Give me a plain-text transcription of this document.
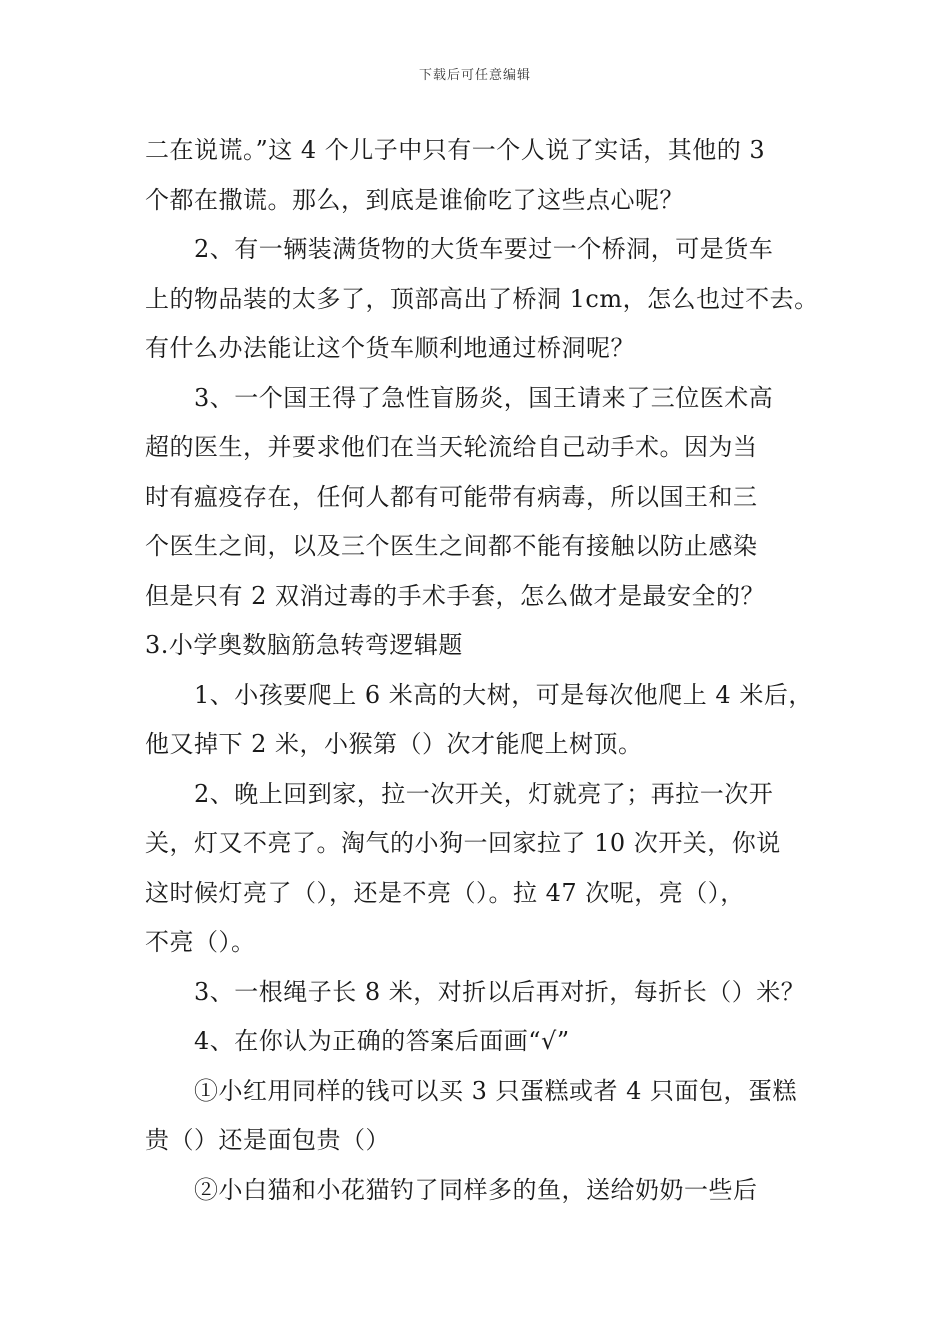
下载后可任意编辑
二在说谎。”这 4 个儿子中只有一个人说了实话，其他的 3
个都在撒谎。那么，到底是谁偷吃了这些点心呢？
2、有一辆装满货物的大货车要过一个桥洞，可是货车
上的物品装的太多了，顶部高出了桥洞 1cm，怎么也过不去。
有什么办法能让这个货车顺利地通过桥洞呢？
3、一个国王得了急性盲肠炎，国王请来了三位医术高
超的医生，并要求他们在当天轮流给自己动手术。因为当
时有瘟疫存在，任何人都有可能带有病毒，所以国王和三
个医生之间，以及三个医生之间都不能有接触以防止感染
但是只有 2 双消过毒的手术手套，怎么做才是最安全的？
3.小学奥数脑筋急转弯逻辑题
1、小孩要爬上 6 米高的大树，可是每次他爬上 4 米后，
他又掉下 2 米，小猴第（）次才能爬上树顶。
2、晚上回到家，拉一次开关，灯就亮了；再拉一次开
关，灯又不亮了。淘气的小狗一回家拉了 10 次开关，你说
这时候灯亮了（），还是不亮（）。拉 47 次呢，亮（），
不亮（）。
3、一根绳子长 8 米，对折以后再对折，每折长（）米？
4、在你认为正确的答案后面画“√”
①小红用同样的钱可以买 3 只蛋糕或者 4 只面包，蛋糕
贵（）还是面包贵（）
②小白猫和小花猫钓了同样多的鱼，送给奶奶一些后
